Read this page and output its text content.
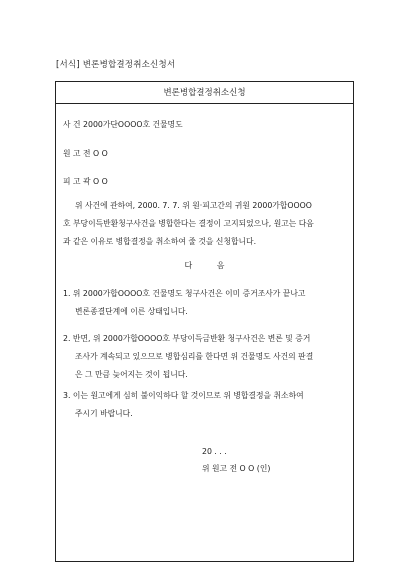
[서식] 변론병합결정취소신청서
변론병합결정취소신청
사 건 2000가단OOOO호 건물명도
원 고 전 O O
피 고 곽 O O
위 사건에 관하여, 2000. 7. 7. 위 원·피고간의 귀원 2000가합OOOO
호 부당이득반환청구사건을 병합한다는 결정이 고지되었으나, 원고는 다음
과 같은 이유로 병합결정을 취소하여 줄 것을 신청합니다.
다 음
1. 위 2000가합OOOO호 건물명도 청구사건은 이미 증거조사가 끝나고
변론종결단계에 이른 상태입니다.
2. 반면, 위 2000가합OOOO호 부당이득금반환 청구사건은 변론 및 증거
조사가 계속되고 있으므로 병합심리를 한다면 위 건물명도 사건의 판결
은 그 만큼 늦어지는 것이 됩니다.
3. 이는 원고에게 심히 불이익하다 할 것이므로 위 병합결정을 취소하여
주시기 바랍니다.
20 . . .
위 원고 전 O O (인)
